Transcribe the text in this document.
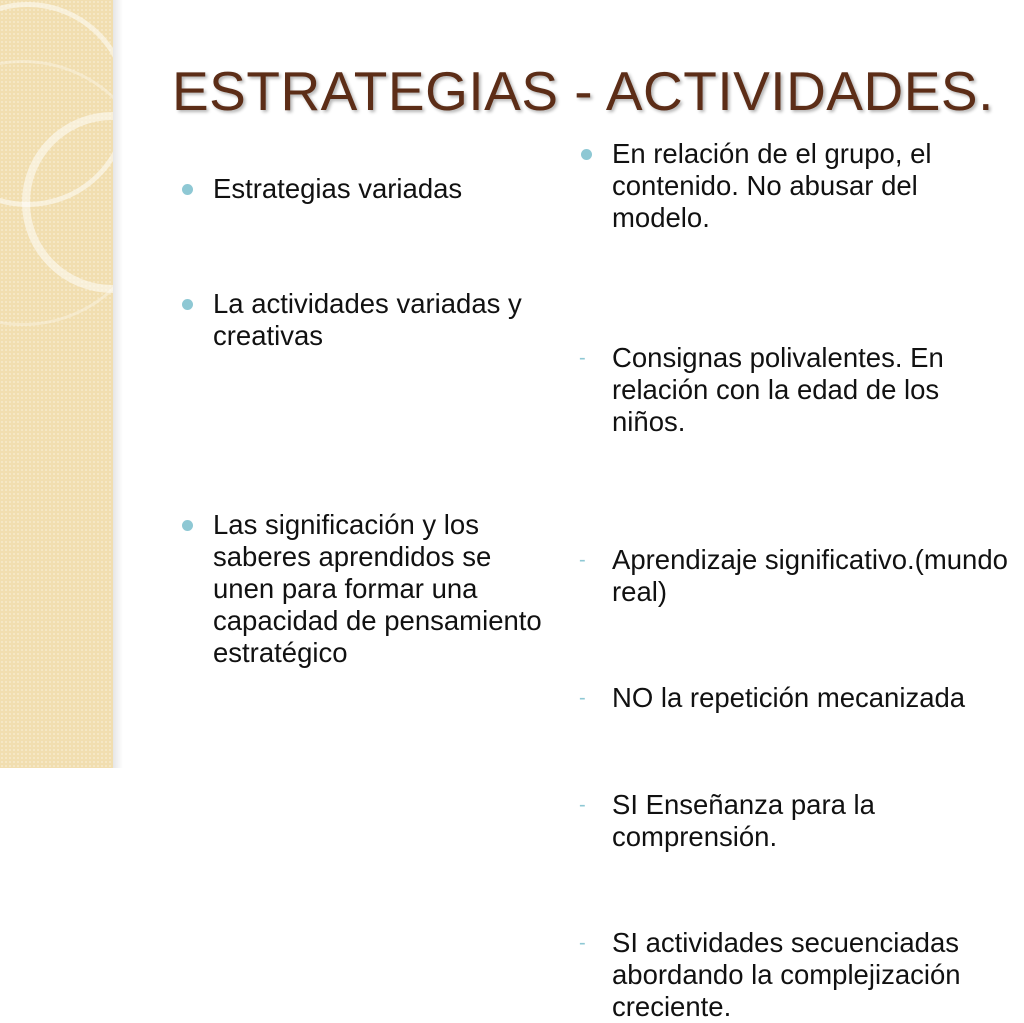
ESTRATEGIAS - ACTIVIDADES.
Estrategias variadas
La actividades variadas y creativas
Las significación y los saberes aprendidos se unen para formar una capacidad de pensamiento estratégico
En relación de el grupo, el contenido. No abusar del modelo.
- Consignas polivalentes. En relación con la edad de los niños.
- Aprendizaje significativo.(mundo real)
- NO la repetición mecanizada
- SI Enseñanza para la comprensión.
- SI actividades secuenciadas abordando la complejización creciente.
